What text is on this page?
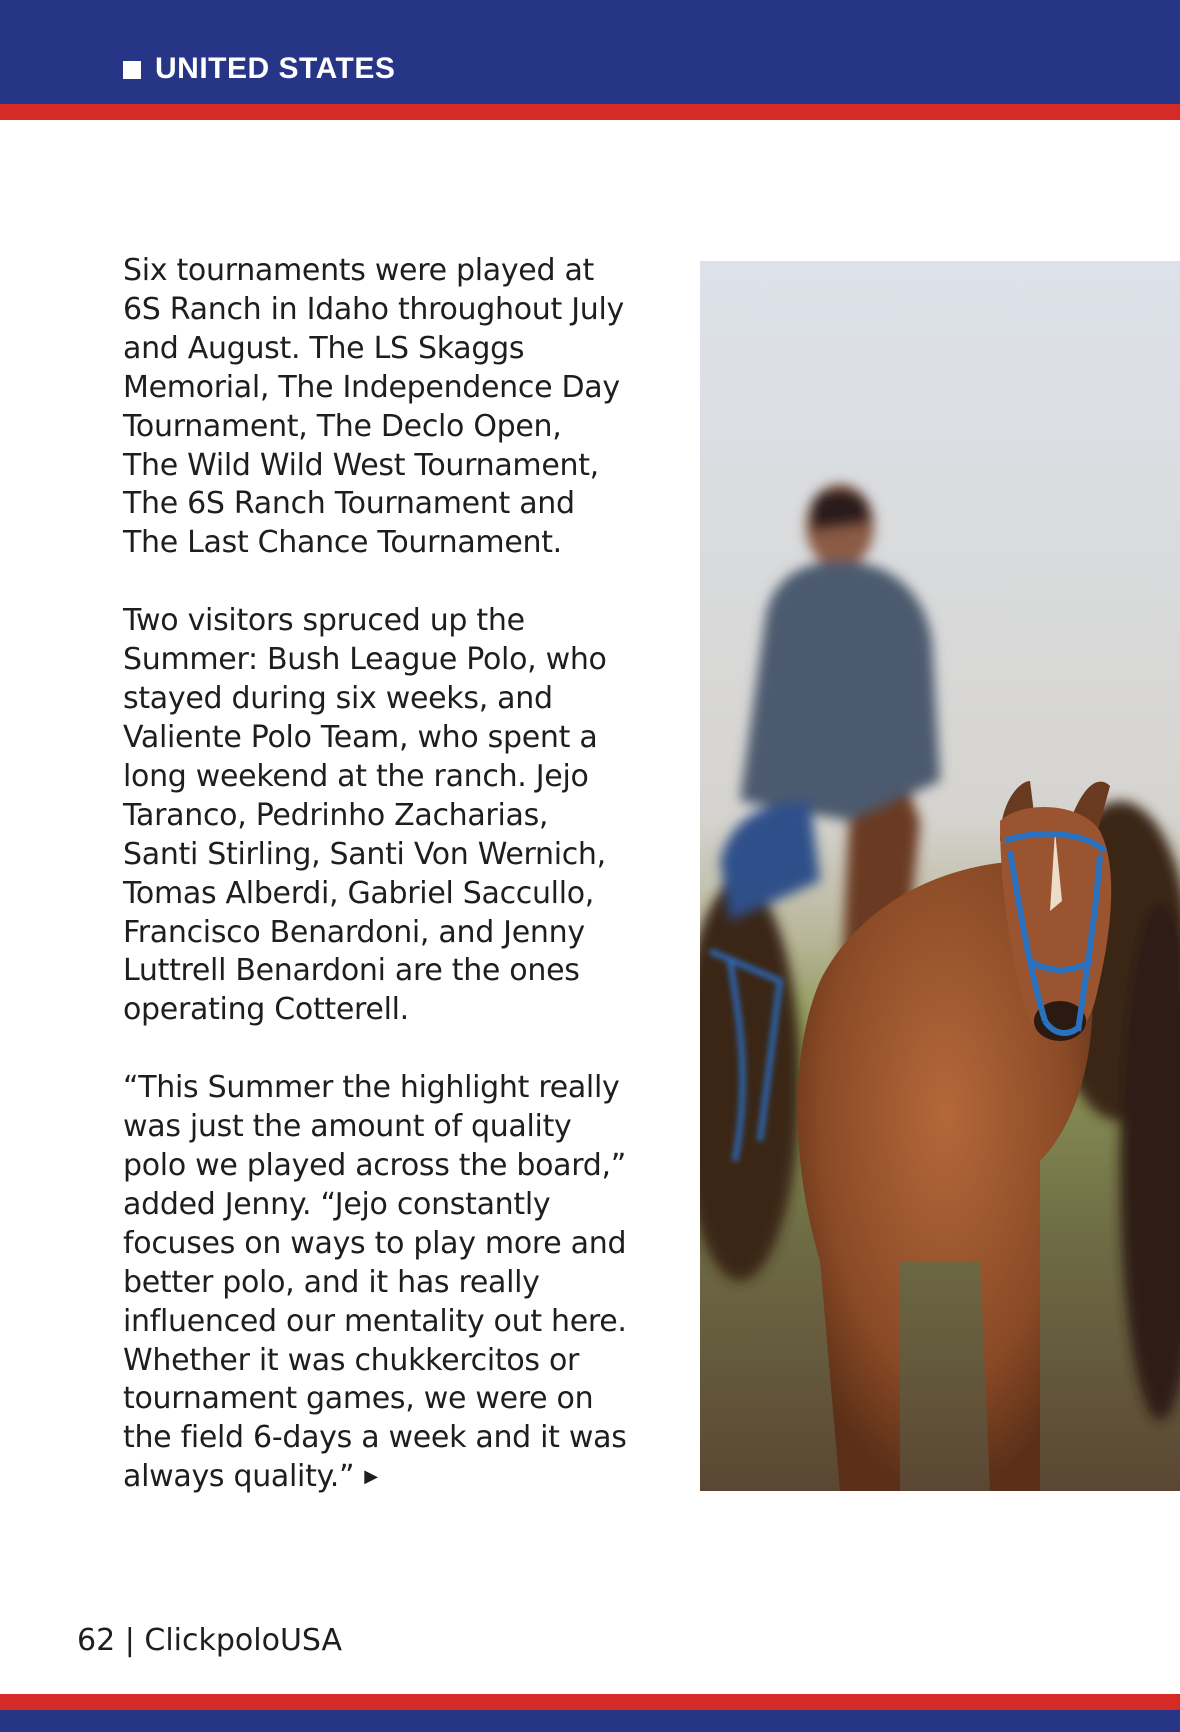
UNITED STATES

Six tournaments were played at
6S Ranch in Idaho throughout July
and August. The LS Skaggs
Memorial, The Independence Day
Tournament, The Declo Open,
The Wild Wild West Tournament,
The 6S Ranch Tournament and
The Last Chance Tournament.

Two visitors spruced up the
Summer: Bush League Polo, who
stayed during six weeks, and
Valiente Polo Team, who spent a
long weekend at the ranch. Jejo
Taranco, Pedrinho Zacharias,
Santi Stirling, Santi Von Wernich,
Tomas Alberdi, Gabriel Saccullo,
Francisco Benardoni, and Jenny
Luttrell Benardoni are the ones
operating Cotterell.

“This Summer the highlight really
was just the amount of quality
polo we played across the board,”
added Jenny. “Jejo constantly
focuses on ways to play more and
better polo, and it has really
influenced our mentality out here.
Whether it was chukkercitos or
tournament games, we were on
the field 6-days a week and it was
always quality.” ▶

62 | ClickpoloUSA
